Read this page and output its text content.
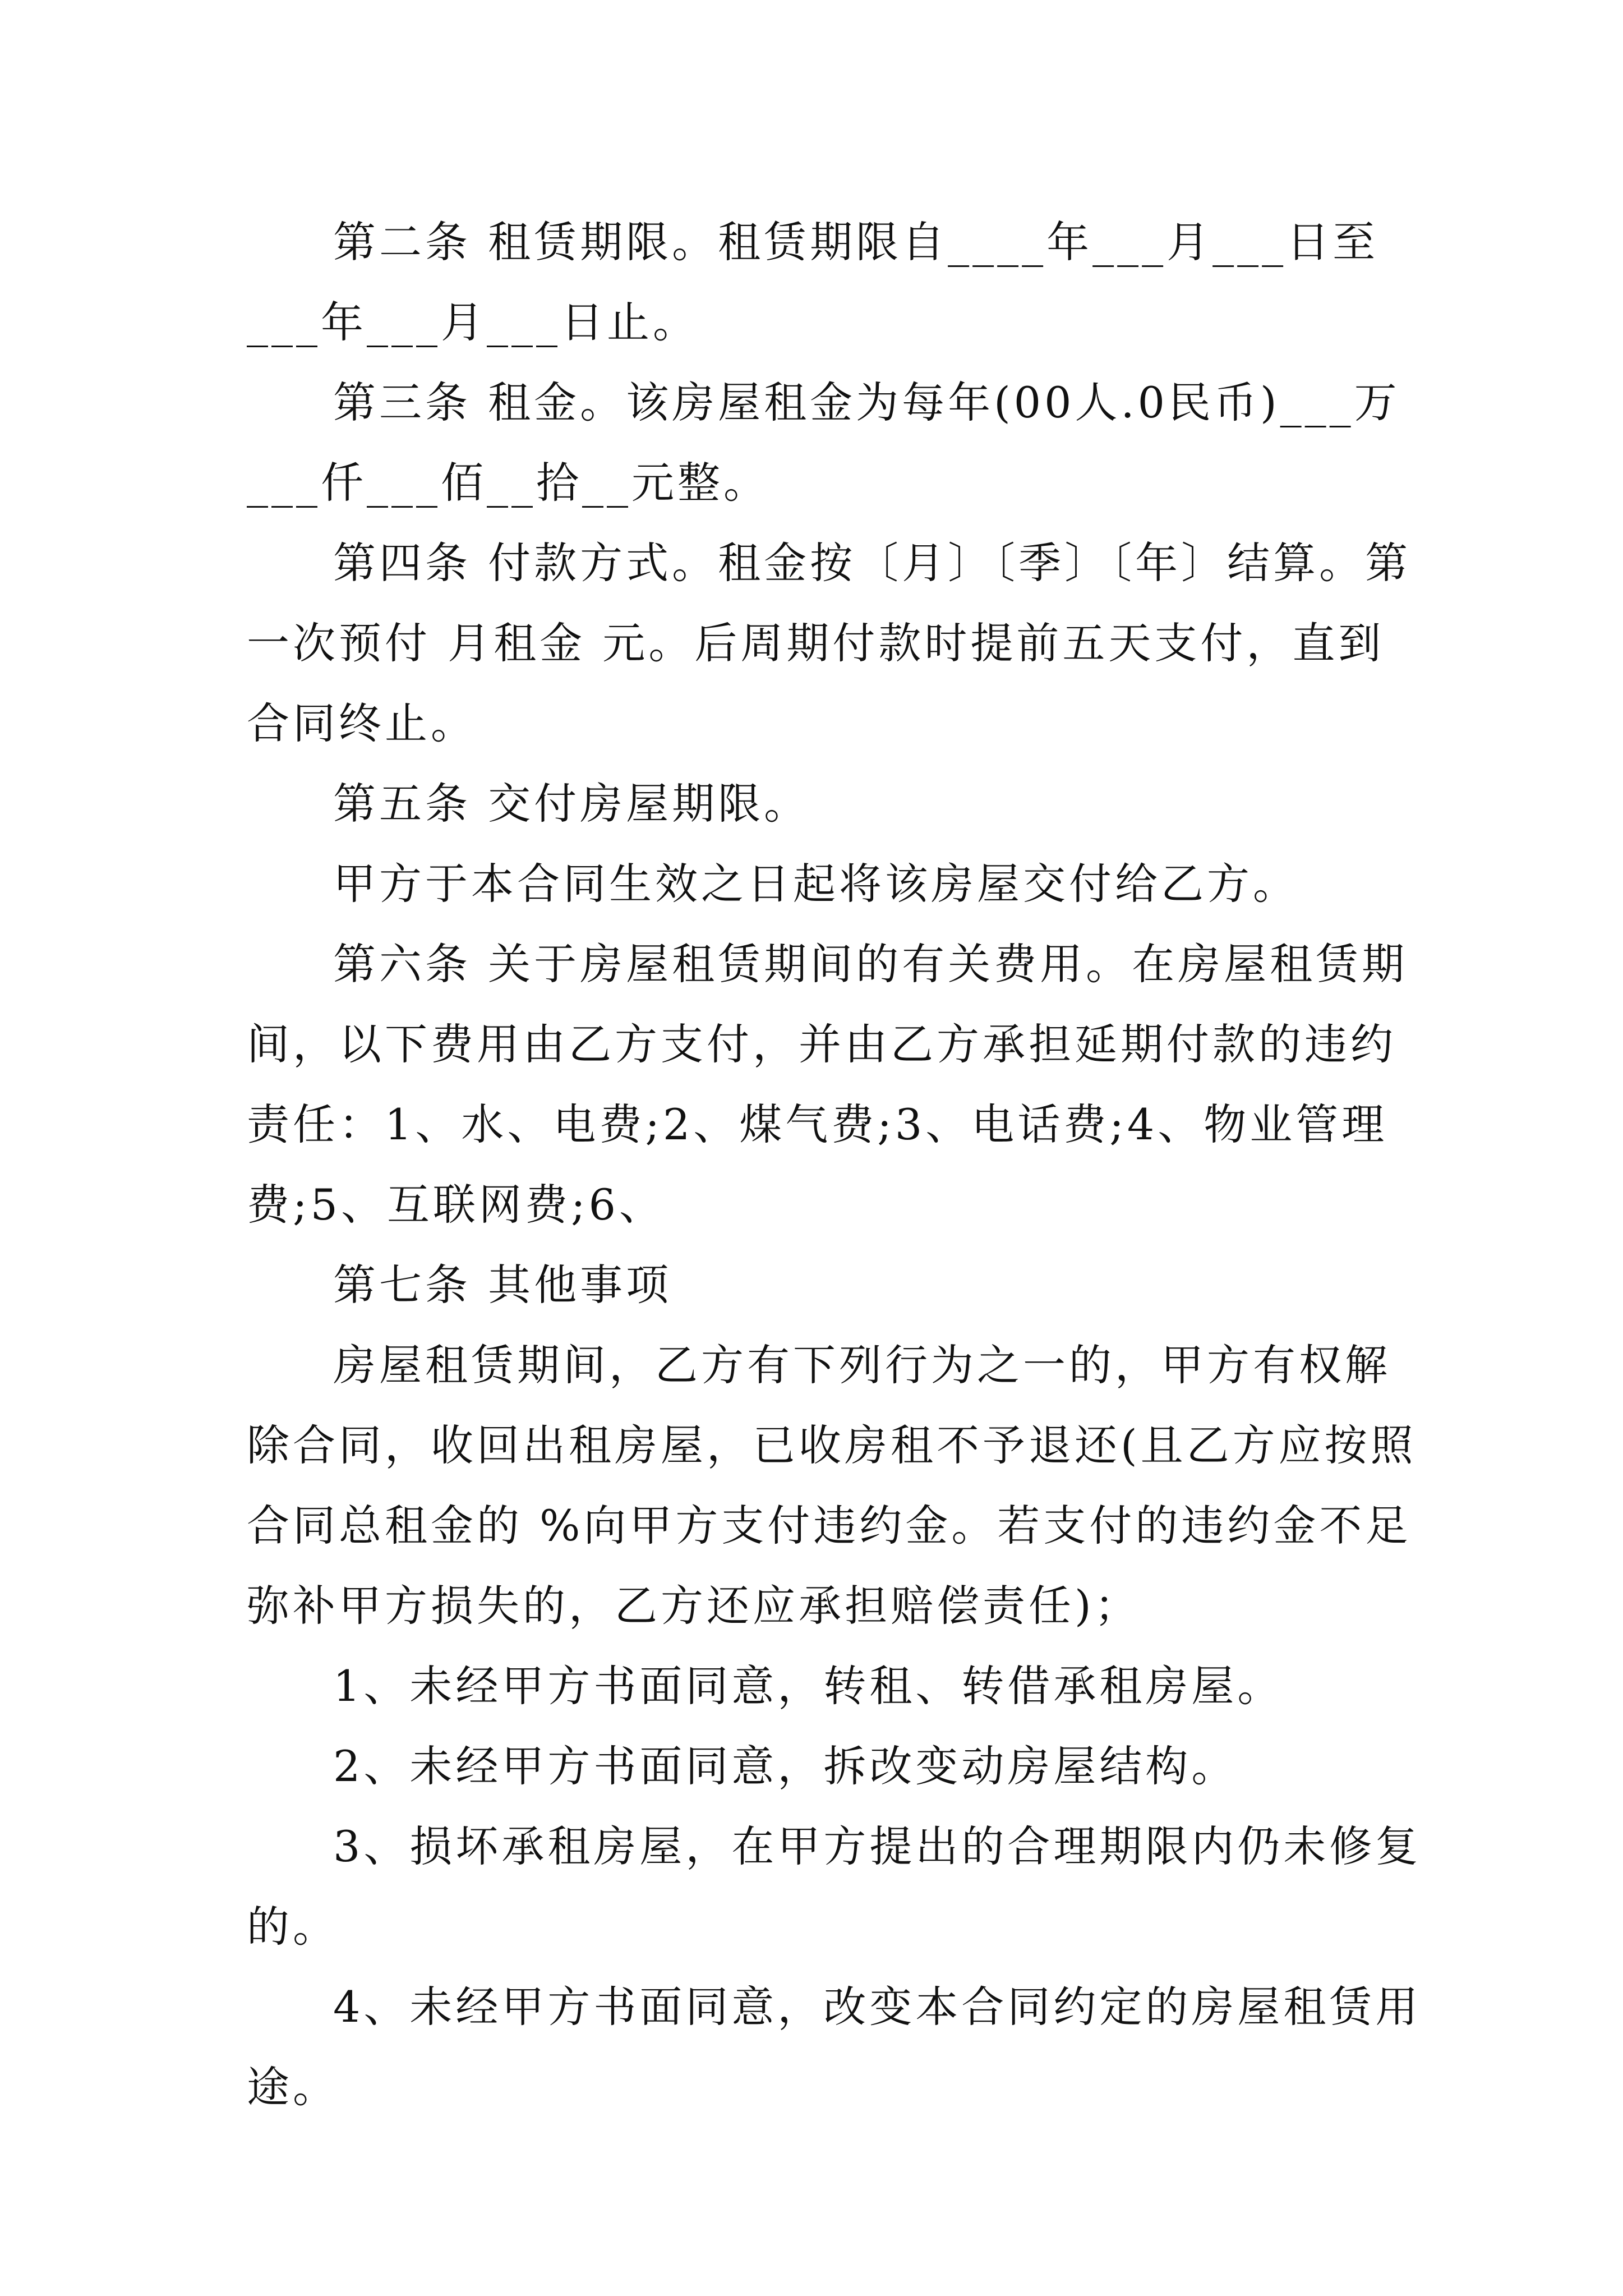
第二条 租赁期限。租赁期限自____年___月___日至___年___月___日止。

第三条 租金。该房屋租金为每年(00人.0民币)___万___仟___佰__拾__元整。

第四条 付款方式。租金按〔月〕〔季〕〔年〕结算。第一次预付 月租金 元。后周期付款时提前五天支付，直到合同终止。

第五条 交付房屋期限。

甲方于本合同生效之日起将该房屋交付给乙方。

第六条 关于房屋租赁期间的有关费用。在房屋租赁期间，以下费用由乙方支付，并由乙方承担延期付款的违约责任：1、水、电费;2、煤气费;3、电话费;4、物业管理费;5、互联网费;6、

第七条 其他事项

房屋租赁期间，乙方有下列行为之一的，甲方有权解除合同，收回出租房屋，已收房租不予退还(且乙方应按照合同总租金的 %向甲方支付违约金。若支付的违约金不足弥补甲方损失的，乙方还应承担赔偿责任)；

1、未经甲方书面同意，转租、转借承租房屋。

2、未经甲方书面同意，拆改变动房屋结构。

3、损坏承租房屋，在甲方提出的合理期限内仍未修复的。

4、未经甲方书面同意，改变本合同约定的房屋租赁用途。
